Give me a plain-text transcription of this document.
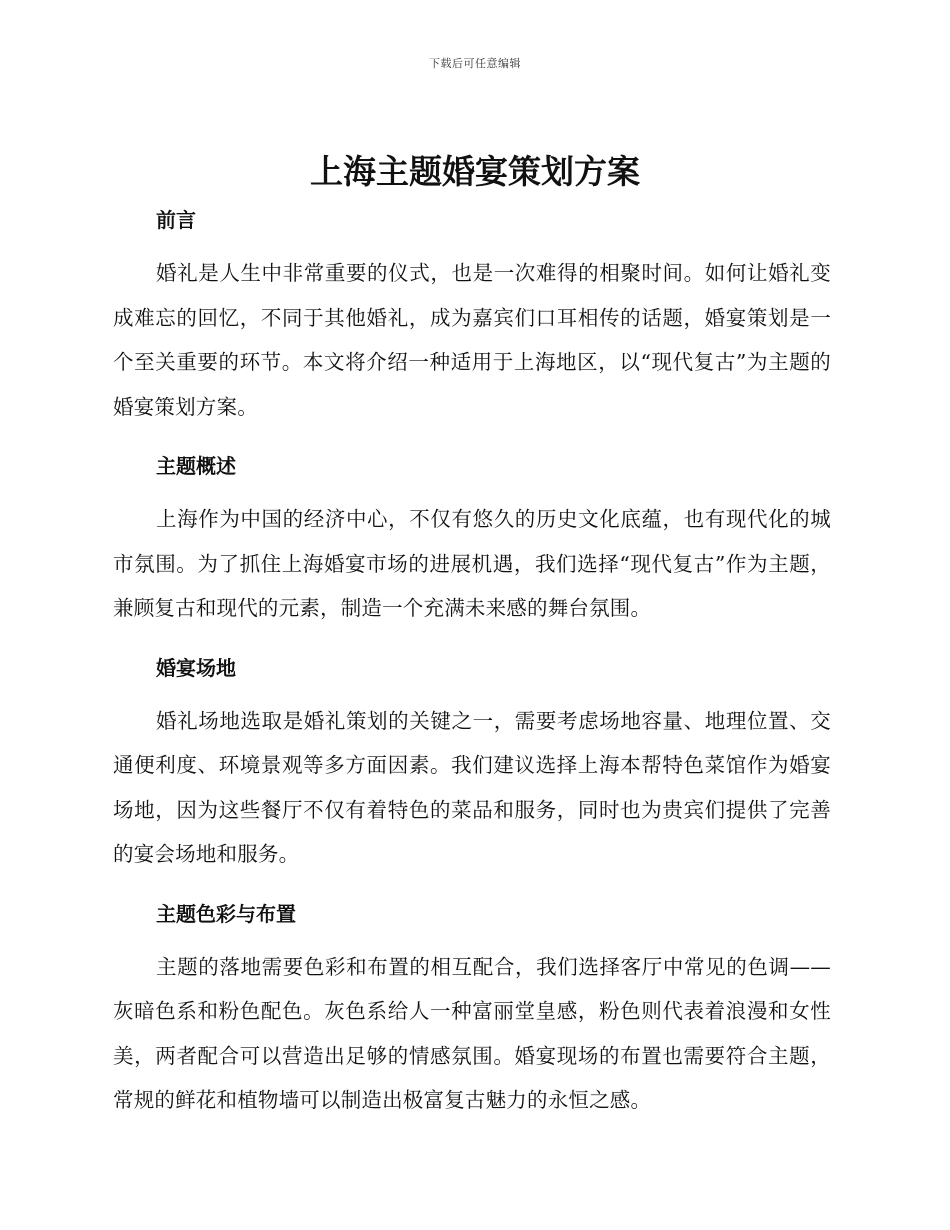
下载后可任意编辑
上海主题婚宴策划方案
前言

婚礼是人生中非常重要的仪式，也是一次难得的相聚时间。如何让婚礼变成难忘的回忆，不同于其他婚礼，成为嘉宾们口耳相传的话题，婚宴策划是一个至关重要的环节。本文将介绍一种适用于上海地区，以“现代复古”为主题的婚宴策划方案。

主题概述

上海作为中国的经济中心，不仅有悠久的历史文化底蕴，也有现代化的城市氛围。为了抓住上海婚宴市场的进展机遇，我们选择“现代复古”作为主题，兼顾复古和现代的元素，制造一个充满未来感的舞台氛围。

婚宴场地

婚礼场地选取是婚礼策划的关键之一，需要考虑场地容量、地理位置、交通便利度、环境景观等多方面因素。我们建议选择上海本帮特色菜馆作为婚宴场地，因为这些餐厅不仅有着特色的菜品和服务，同时也为贵宾们提供了完善的宴会场地和服务。

主题色彩与布置

主题的落地需要色彩和布置的相互配合，我们选择客厅中常见的色调——灰暗色系和粉色配色。灰色系给人一种富丽堂皇感，粉色则代表着浪漫和女性美，两者配合可以营造出足够的情感氛围。婚宴现场的布置也需要符合主题，常规的鲜花和植物墙可以制造出极富复古魅力的永恒之感。
